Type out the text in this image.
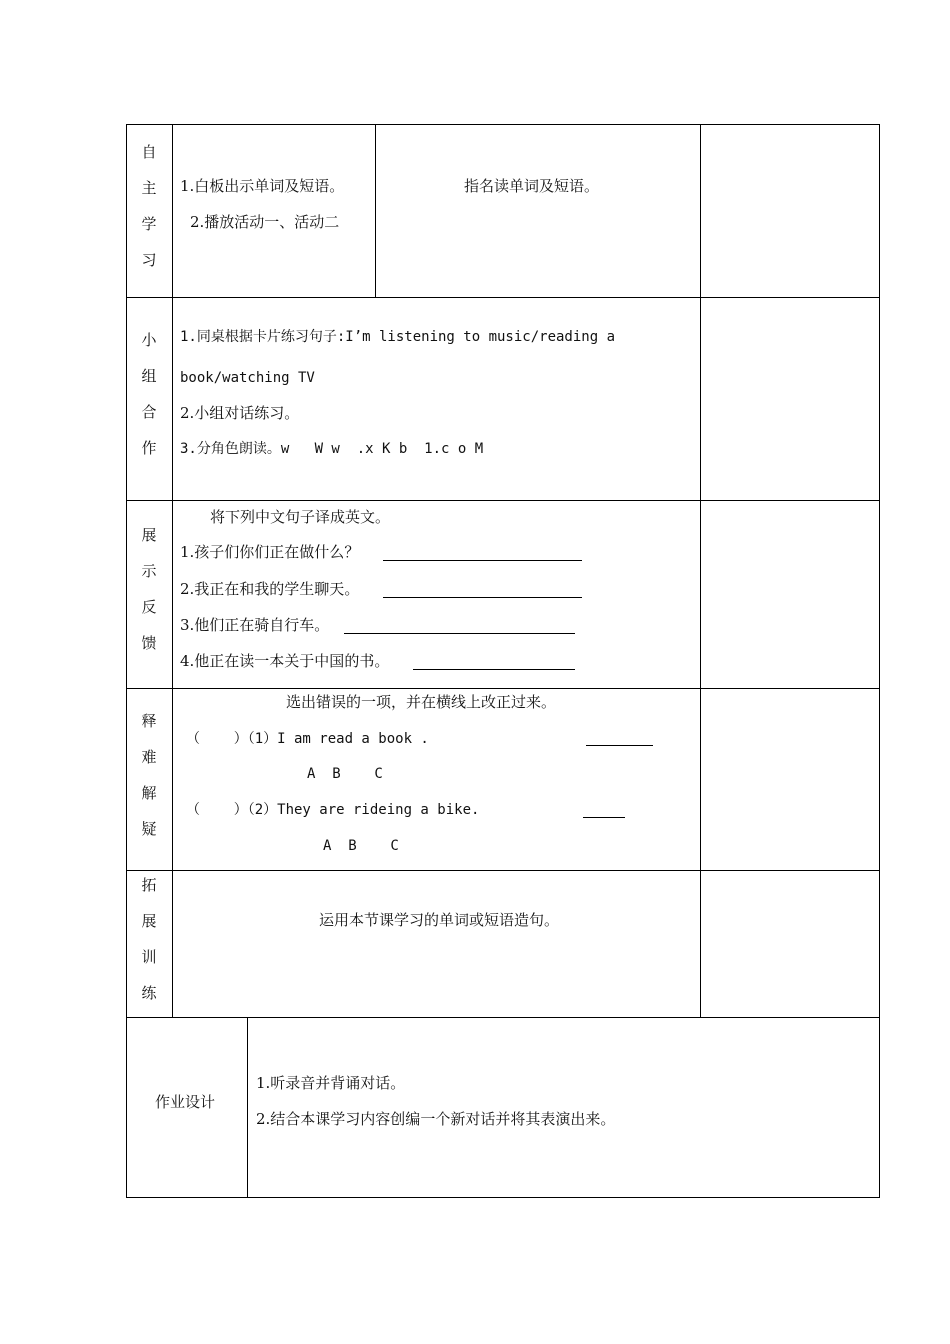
自
主
学
习
1.白板出示单词及短语。
2.播放活动一、活动二
指名读单词及短语。
小
组
合
作
1.同桌根据卡片练习句子:I’m listening to music/reading a
book/watching TV
2.小组对话练习。
3.分角色朗读。w   W w  .x K b  1.c o M
展
示
反
馈
将下列中文句子译成英文。
1.孩子们你们正在做什么？
2.我正在和我的学生聊天。
3.他们正在骑自行车。
4.他正在读一本关于中国的书。
释
难
解
疑
选出错误的一项，并在横线上改正过来。
（    ）（1）I am read a book .
A  B    C
（    ）（2）They are rideing a bike.
A  B    C
拓
展
训
练
运用本节课学习的单词或短语造句。
作业设计
1.听录音并背诵对话。
2.结合本课学习内容创编一个新对话并将其表演出来。
